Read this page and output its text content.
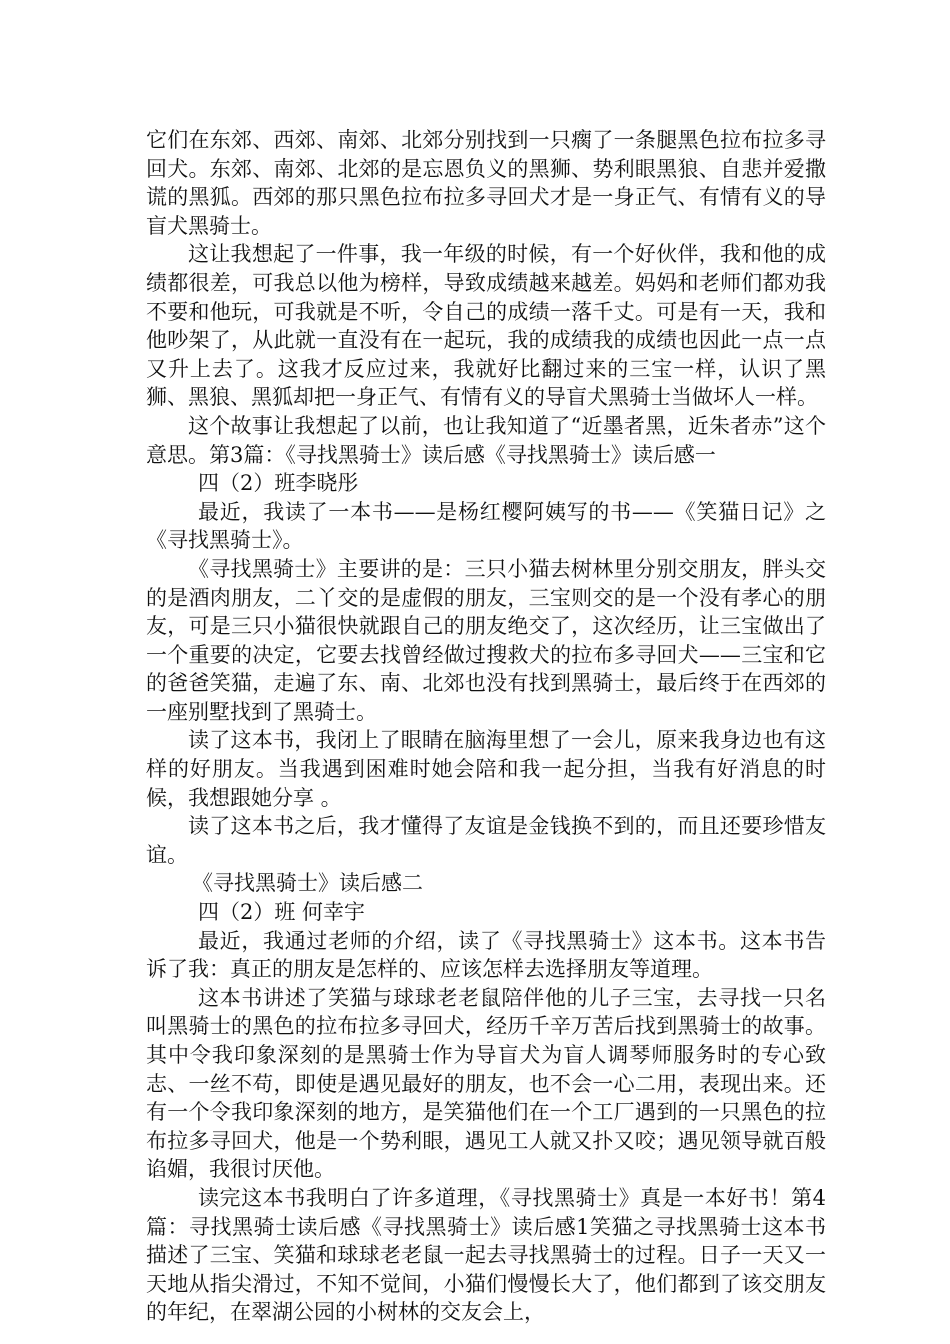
它们在东郊、西郊、南郊、北郊分别找到一只瘸了一条腿黑色拉布拉多寻回犬。东郊、南郊、北郊的是忘恩负义的黑狮、势利眼黑狼、自悲并爱撒谎的黑狐。西郊的那只黑色拉布拉多寻回犬才是一身正气、有情有义的导盲犬黑骑士。

这让我想起了一件事，我一年级的时候，有一个好伙伴，我和他的成绩都很差，可我总以他为榜样，导致成绩越来越差。妈妈和老师们都劝我不要和他玩，可我就是不听，令自己的成绩一落千丈。可是有一天，我和他吵架了，从此就一直没有在一起玩，我的成绩我的成绩也因此一点一点又升上去了。这我才反应过来，我就好比翻过来的三宝一样，认识了黑狮、黑狼、黑狐却把一身正气、有情有义的导盲犬黑骑士当做坏人一样。

这个故事让我想起了以前，也让我知道了“近墨者黑，近朱者赤”这个意思。第3篇：《寻找黑骑士》读后感《寻找黑骑士》读后感一

四（2）班李晓彤

最近，我读了一本书——是杨红樱阿姨写的书——《笑猫日记》之《寻找黑骑士》。

《寻找黑骑士》主要讲的是：三只小猫去树林里分别交朋友，胖头交的是酒肉朋友，二丫交的是虚假的朋友，三宝则交的是一个没有孝心的朋友，可是三只小猫很快就跟自己的朋友绝交了，这次经历，让三宝做出了一个重要的决定，它要去找曾经做过搜救犬的拉布多寻回犬——三宝和它的爸爸笑猫，走遍了东、南、北郊也没有找到黑骑士，最后终于在西郊的一座别墅找到了黑骑士。

读了这本书，我闭上了眼睛在脑海里想了一会儿，原来我身边也有这样的好朋友。当我遇到困难时她会陪和我一起分担，当我有好消息的时候，我想跟她分享 。

读了这本书之后，我才懂得了友谊是金钱换不到的，而且还要珍惜友谊。

《寻找黑骑士》读后感二

四（2）班 何幸宇

最近，我通过老师的介绍，读了《寻找黑骑士》这本书。这本书告诉了我：真正的朋友是怎样的、应该怎样去选择朋友等道理。

这本书讲述了笑猫与球球老老鼠陪伴他的儿子三宝，去寻找一只名叫黑骑士的黑色的拉布拉多寻回犬，经历千辛万苦后找到黑骑士的故事。其中令我印象深刻的是黑骑士作为导盲犬为盲人调琴师服务时的专心致志、一丝不苟，即使是遇见最好的朋友，也不会一心二用，表现出来。还有一个令我印象深刻的地方，是笑猫他们在一个工厂遇到的一只黑色的拉布拉多寻回犬，他是一个势利眼，遇见工人就又扑又咬；遇见领导就百般谄媚，我很讨厌他。

读完这本书我明白了许多道理，《寻找黑骑士》真是一本好书！第4篇：寻找黑骑士读后感《寻找黑骑士》读后感1笑猫之寻找黑骑士这本书描述了三宝、笑猫和球球老老鼠一起去寻找黑骑士的过程。日子一天又一天地从指尖滑过，不知不觉间，小猫们慢慢长大了，他们都到了该交朋友的年纪，在翠湖公园的小树林的交友会上，
